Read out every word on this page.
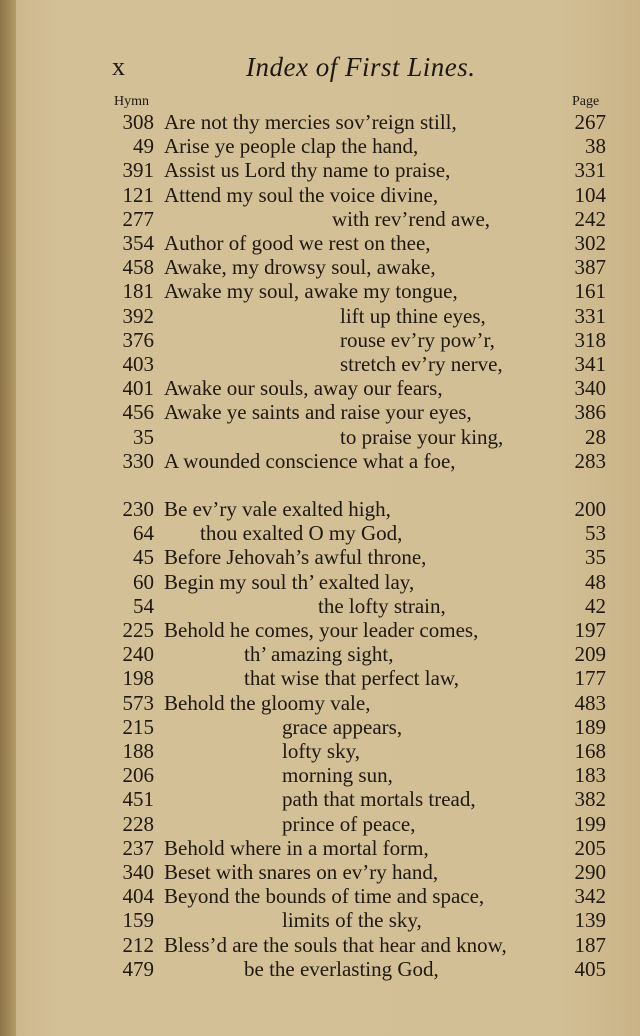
x	Index of First Lines.
Hymn	Page
308 Are not thy mercies sov’reign still,	267
49 Arise ye people clap the hand,	38
391 Assist us Lord thy name to praise,	331
121 Attend my soul the voice divine,	104
277	with rev’rend awe,	242
354 Author of good we rest on thee,	302
458 Awake, my drowsy soul, awake,	387
181 Awake my soul, awake my tongue,	161
392	lift up thine eyes,	331
376	rouse ev’ry pow’r,	318
403	stretch ev’ry nerve,	341
401 Awake our souls, away our fears,	340
456 Awake ye saints and raise your eyes,	386
35	to praise your king,	28
330 A wounded conscience what a foe,	283
230 Be ev’ry vale exalted high,	200
64 thou exalted O my God,	53
45 Before Jehovah’s awful throne,	35
60 Begin my soul th’ exalted lay,	48
54	the lofty strain,	42
225 Behold he comes, your leader comes,	197
240	th’ amazing sight,	209
198	that wise that perfect law,	177
573 Behold the gloomy vale,	483
215	grace appears,	189
188	lofty sky,	168
206	morning sun,	183
451	path that mortals tread,	382
228	prince of peace,	199
237 Behold where in a mortal form,	205
340 Beset with snares on ev’ry hand,	290
404 Beyond the bounds of time and space,	342
159	limits of the sky,	139
212 Bless’d are the souls that hear and know,	187
479	be the everlasting God,	405
